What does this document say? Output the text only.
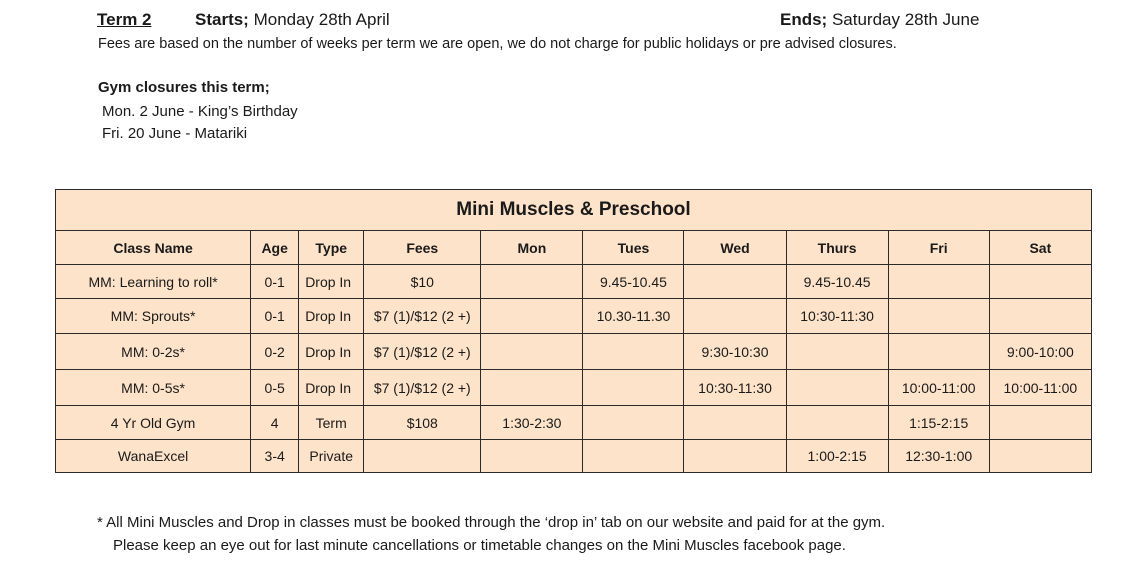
Term 2	Starts; Monday 28th April	Ends; Saturday 28th June
Fees are based on the number of weeks per term we are open, we do not charge for public holidays or pre advised closures.
Gym closures this term;
Mon. 2 June - King’s Birthday
Fri. 20 June - Matariki
Mini Muscles & Preschool									
Class Name	Age	Type	Fees	Mon	Tues	Wed	Thurs	Fri	Sat
MM: Learning to roll*	0-1	Drop In	$10		9.45-10.45		9.45-10.45		
MM: Sprouts*	0-1	Drop In	$7 (1)/$12 (2 +)		10.30-11.30		10:30-11:30		
MM: 0-2s*	0-2	Drop In	$7 (1)/$12 (2 +)			9:30-10:30			9:00-10:00
MM: 0-5s*	0-5	Drop In	$7 (1)/$12 (2 +)			10:30-11:30		10:00-11:00	10:00-11:00
4 Yr Old Gym	4	Term	$108	1:30-2:30				1:15-2:15	
WanaExcel	3-4	Private					1:00-2:15	12:30-1:00	
* All Mini Muscles and Drop in classes must be booked through the ‘drop in’ tab on our website and paid for at the gym.
Please keep an eye out for last minute cancellations or timetable changes on the Mini Muscles facebook page.
